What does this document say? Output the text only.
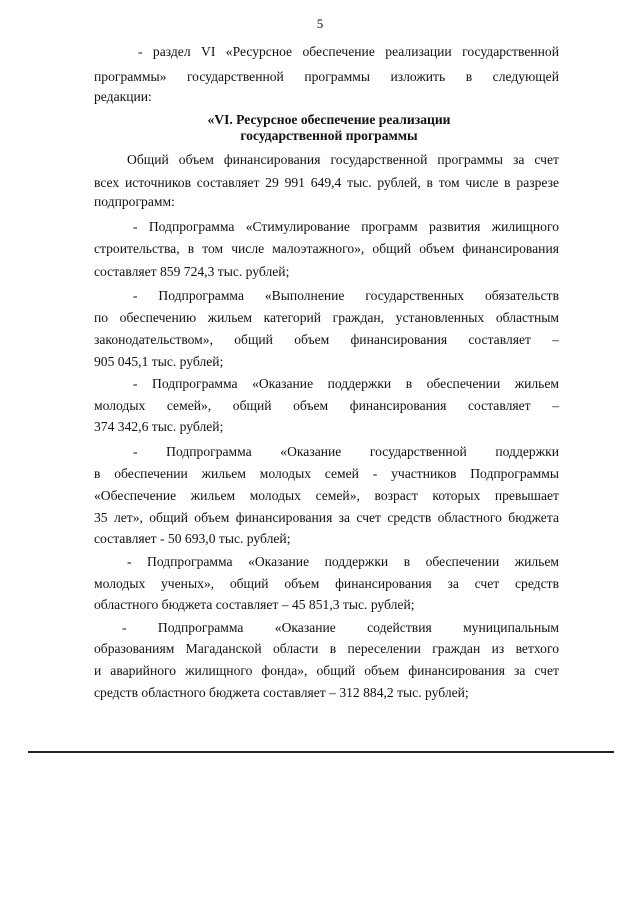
5
- раздел VI «Ресурсное обеспечение реализации государственной
программы» государственной программы изложить в следующей
редакции:
«VI. Ресурсное обеспечение реализации
государственной программы
Общий объем финансирования государственной программы за счет
всех источников составляет 29 991 649,4 тыс. рублей, в том числе в разрезе
подпрограмм:
- Подпрограмма «Стимулирование программ развития жилищного
строительства, в том числе малоэтажного», общий объем финансирования
составляет 859 724,3 тыс. рублей;
- Подпрограмма «Выполнение государственных обязательств
по обеспечению жильем категорий граждан, установленных областным
законодательством», общий объем финансирования составляет –
905 045,1 тыс. рублей;
- Подпрограмма «Оказание поддержки в обеспечении жильем
молодых семей», общий объем финансирования составляет –
374 342,6 тыс. рублей;
- Подпрограмма «Оказание государственной поддержки
в обеспечении жильем молодых семей - участников Подпрограммы
«Обеспечение жильем молодых семей», возраст которых превышает
35 лет», общий объем финансирования за счет средств областного бюджета
составляет - 50 693,0 тыс. рублей;
- Подпрограмма «Оказание поддержки в обеспечении жильем
молодых ученых», общий объем финансирования за счет средств
областного бюджета составляет – 45 851,3 тыс. рублей;
- Подпрограмма «Оказание содействия муниципальным
образованиям Магаданской области в переселении граждан из ветхого
и аварийного жилищного фонда», общий объем финансирования за счет
средств областного бюджета составляет – 312 884,2 тыс. рублей;
